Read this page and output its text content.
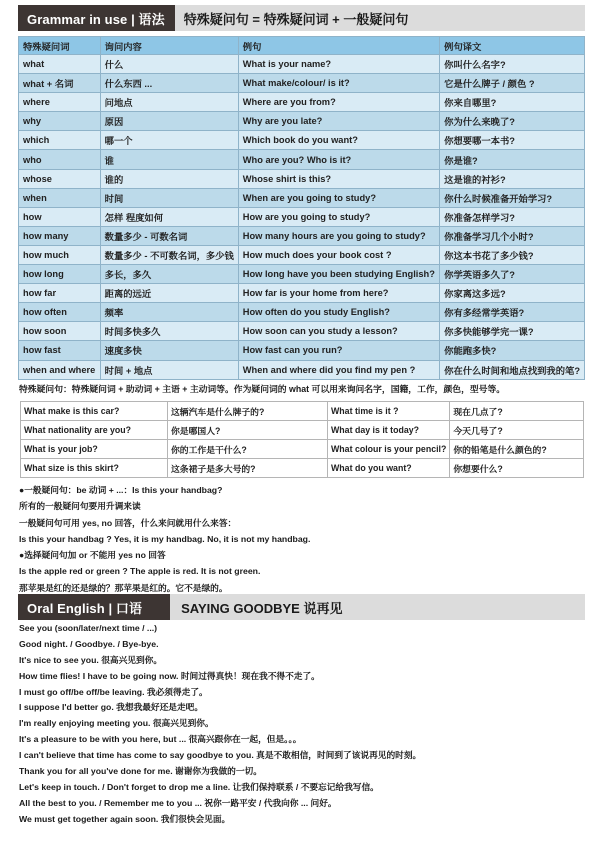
Grammar in use | 语法	特殊疑问句 = 特殊疑问词 + 一般疑问句
特殊疑问词	询问内容	例句	例句译文
what	什么	What is your name?	你叫什么名字?
what + 名词	什么东西 ...	What make/colour/ is it?	它是什么牌子 / 颜色 ?
where	问地点	Where are you from?	你来自哪里?
why	原因	Why are you late?	你为什么来晚了?
which	哪一个	Which book do you want?	你想要哪一本书?
who	谁	Who are you? Who is it?	你是谁?
whose	谁的	Whose shirt is this?	这是谁的衬衫?
when	时间	When are you going to study?	你什么时候准备开始学习?
how	怎样 程度如何	How are you going to study?	你准备怎样学习?
how many	数量多少 - 可数名词	How many hours are you going to study?	你准备学习几个小时?
how much	数量多少 - 不可数名词，多少钱	How much does your book cost ?	你这本书花了多少钱?
how long	多长，多久	How long have you been studying English?	你学英语多久了?
how far	距离的远近	How far is your home from here?	你家离这多远?
how often	频率	How often do you study English?	你有多经常学英语?
how soon	时间多快多久	How soon can you study a lesson?	你多快能够学完一课?
how fast	速度多快	How fast can you run?	你能跑多快?
when and where	时间 + 地点	When and where did you find my pen ?	你在什么时间和地点找到我的笔?
特殊疑问句：特殊疑问词 + 助动词 + 主语 + 主动词等。作为疑问词的 what 可以用来询问名字，国籍，工作，颜色，型号等。
What make is this car?	这辆汽车是什么牌子的?	What time is it ?	现在几点了?
What nationality are you?	你是哪国人?	What day is it today?	今天几号了?
What is your job?	你的工作是干什么?	What colour is your pencil?	你的铅笔是什么颜色的?
What size is this skirt?	这条裙子是多大号的?	What do you want?	你想要什么?
●一般疑问句：be 动词 + ...：Is this your handbag?
所有的一般疑问句要用升调来读
一般疑问句可用 yes, no 回答，什么来问就用什么来答：
Is this your handbag ? Yes, it is my handbag. No, it is not my handbag.
●选择疑问句加 or 不能用 yes no 回答
Is the apple red or green ? The apple is red. It is not green.
那苹果是红的还是绿的？那苹果是红的。它不是绿的。
Oral English | 口语	SAYING GOODBYE 说再见
See you (soon/later/next time / ...)
Good night. / Goodbye. / Bye-bye.
It's nice to see you. 很高兴见到你。
How time flies! I have to be going now. 时间过得真快！现在我不得不走了。
I must go off/be off/be leaving. 我必须得走了。
I suppose I'd better go. 我想我最好还是走吧。
I'm really enjoying meeting you. 很高兴见到你。
It's a pleasure to be with you here, but ... 很高兴跟你在一起，但是。。。
I can't believe that time has come to say goodbye to you. 真是不敢相信，时间到了该说再见的时刻。
Thank you for all you've done for me. 谢谢你为我做的一切。
Let's keep in touch. / Don't forget to drop me a line. 让我们保持联系 / 不要忘记给我写信。
All the best to you. / Remember me to you ... 祝你一路平安 / 代我向你 ... 问好。
We must get together again soon. 我们很快会见面。
